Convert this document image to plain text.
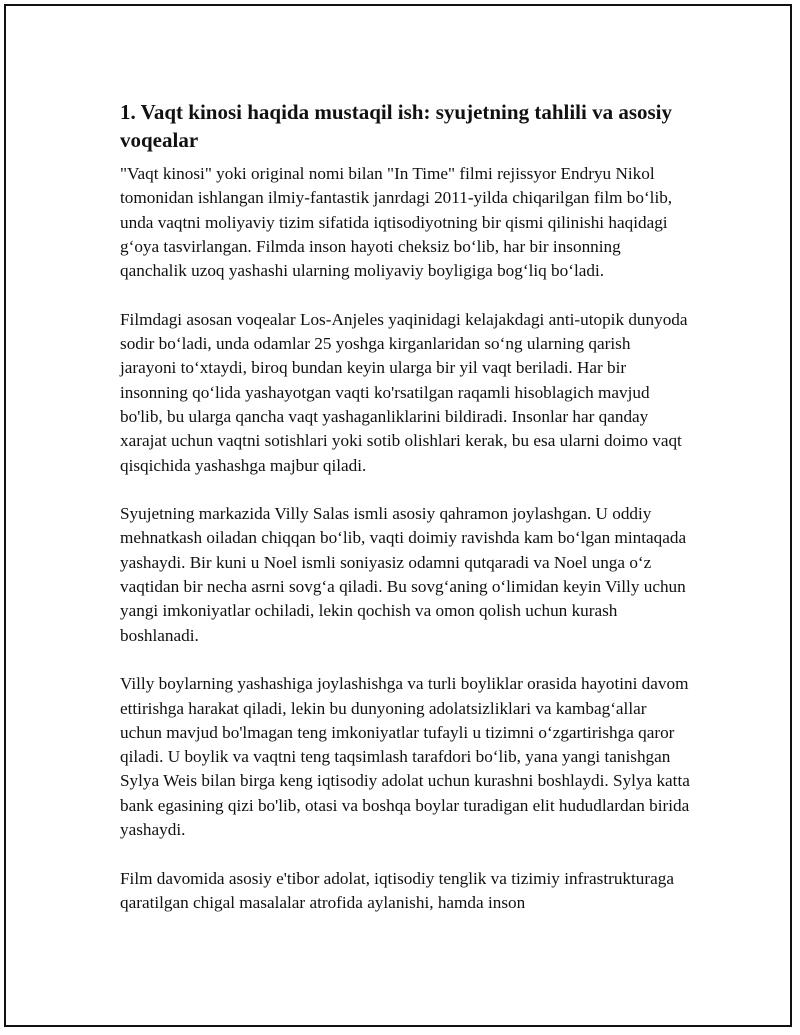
1. Vaqt kinosi haqida mustaqil ish: syujetning tahlili va asosiy voqealar

"Vaqt kinosi" yoki original nomi bilan "In Time" filmi rejissyor Endryu Nikol tomonidan ishlangan ilmiy-fantastik janrdagi 2011-yilda chiqarilgan film bo‘lib, unda vaqtni moliyaviy tizim sifatida iqtisodiyotning bir qismi qilinishi haqidagi g‘oya tasvirlangan. Filmda inson hayoti cheksiz bo‘lib, har bir insonning qanchalik uzoq yashashi ularning moliyaviy boyligiga bog‘liq bo‘ladi.

Filmdagi asosan voqealar Los-Anjeles yaqinidagi kelajakdagi anti-utopik dunyoda sodir bo‘ladi, unda odamlar 25 yoshga kirganlaridan so‘ng ularning qarish jarayoni to‘xtaydi, biroq bundan keyin ularga bir yil vaqt beriladi. Har bir insonning qo‘lida yashayotgan vaqti ko'rsatilgan raqamli hisoblagich mavjud bo'lib, bu ularga qancha vaqt yashaganliklarini bildiradi. Insonlar har qanday xarajat uchun vaqtni sotishlari yoki sotib olishlari kerak, bu esa ularni doimo vaqt qisqichida yashashga majbur qiladi.

Syujetning markazida Villy Salas ismli asosiy qahramon joylashgan. U oddiy mehnatkash oiladan chiqqan bo‘lib, vaqti doimiy ravishda kam bo‘lgan mintaqada yashaydi. Bir kuni u Noel ismli soniyasiz odamni qutqaradi va Noel unga o‘z vaqtidan bir necha asrni sovg‘a qiladi. Bu sovg‘aning o‘limidan keyin Villy uchun yangi imkoniyatlar ochiladi, lekin qochish va omon qolish uchun kurash boshlanadi.

Villy boylarning yashashiga joylashishga va turli boyliklar orasida hayotini davom ettirishga harakat qiladi, lekin bu dunyoning adolatsizliklari va kambag‘allar uchun mavjud bo'lmagan teng imkoniyatlar tufayli u tizimni o‘zgartirishga qaror qiladi. U boylik va vaqtni teng taqsimlash tarafdori bo‘lib, yana yangi tanishgan Sylya Weis bilan birga keng iqtisodiy adolat uchun kurashni boshlaydi. Sylya katta bank egasining qizi bo'lib, otasi va boshqa boylar turadigan elit hududlardan birida yashaydi.

Film davomida asosiy e'tibor adolat, iqtisodiy tenglik va tizimiy infrastrukturaga qaratilgan chigal masalalar atrofida aylanishi, hamda inson
